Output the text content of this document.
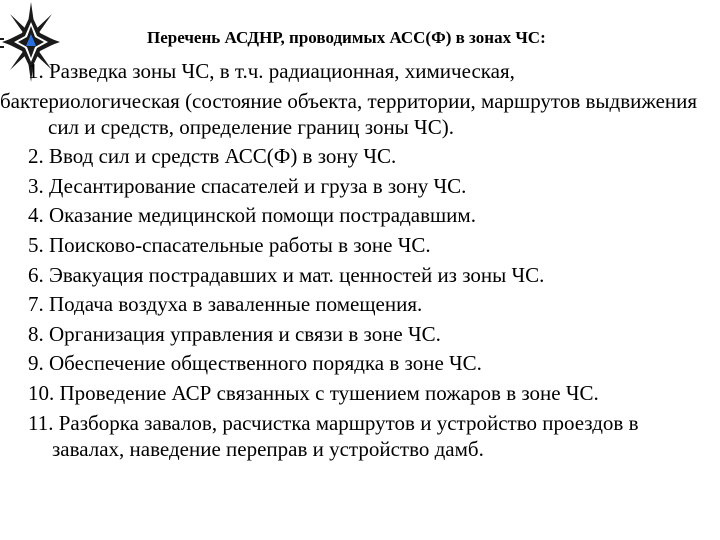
Перечень АСДНР, проводимых АСС(Ф) в зонах ЧС:
1. Разведка зоны ЧС, в т.ч. радиационная, химическая,
бактериологическая (состояние объекта, территории, маршрутов выдвижения сил и средств, определение границ зоны ЧС).
2. Ввод сил и средств АСС(Ф) в зону ЧС.
3. Десантирование спасателей и груза в зону ЧС.
4. Оказание медицинской помощи пострадавшим.
5. Поисково-спасательные работы в зоне ЧС.
6. Эвакуация пострадавших и мат. ценностей из зоны ЧС.
7. Подача воздуха в заваленные помещения.
8. Организация управления и связи в зоне ЧС.
9. Обеспечение общественного порядка в зоне ЧС.
10. Проведение АСР связанных с тушением пожаров в зоне ЧС.
11. Разборка завалов, расчистка маршрутов и устройство проездов в завалах, наведение переправ и устройство дамб.
